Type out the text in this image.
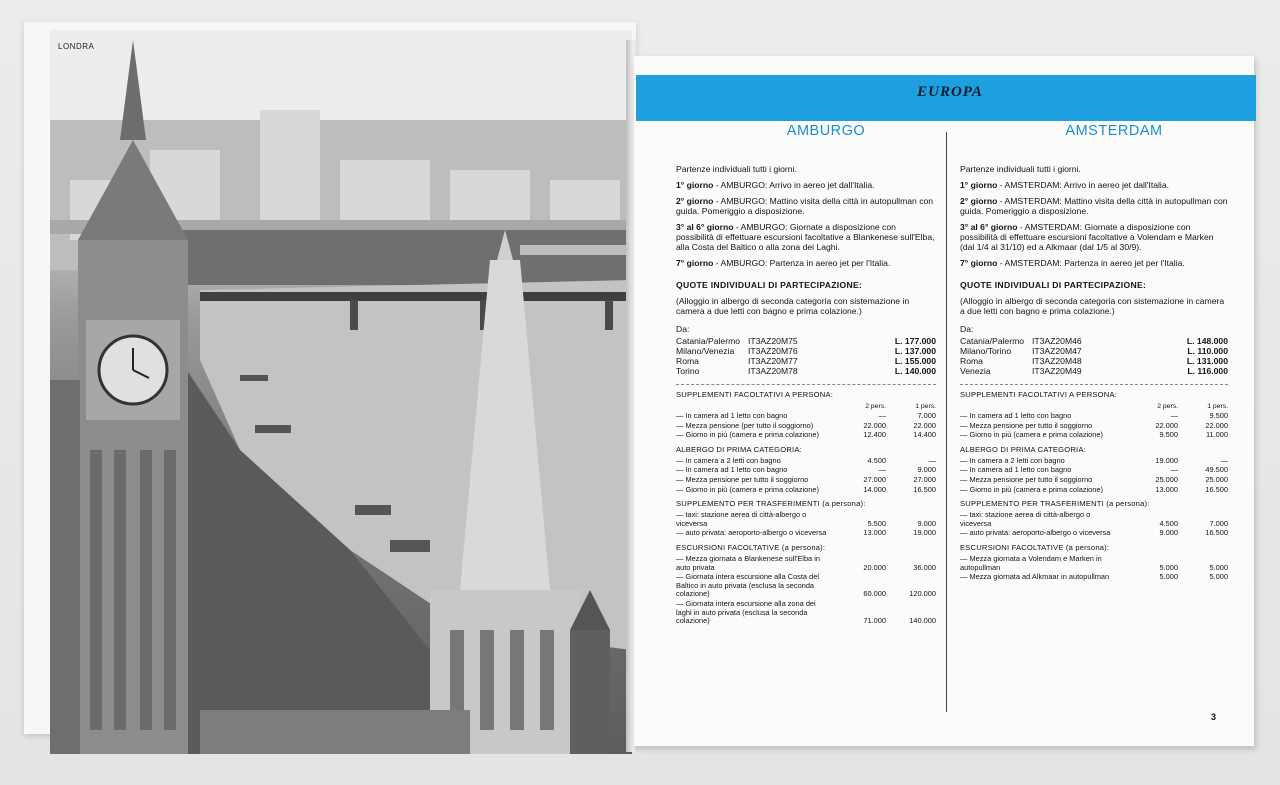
LONDRA
EUROPA
AMBURGO
Partenze individuali tutti i giorni.
1° giorno - AMBURGO: Arrivo in aereo jet dall'Italia.
2° giorno - AMBURGO: Mattino visita della città in autopullman con guida. Pomeriggio a disposizione.
3° al 6° giorno - AMBURGO: Giornate a disposizione con possibilità di effettuare escursioni facoltative a Blankenese sull'Elba, alla Costa del Baltico o alla zona dei Laghi.
7° giorno - AMBURGO: Partenza in aereo jet per l'Italia.
QUOTE INDIVIDUALI DI PARTECIPAZIONE:
(Alloggio in albergo di seconda categoria con sistemazione in camera a due letti con bagno e prima colazione.)
Da:
Catania/Palermo IT3AZ20M75	L. 177.000
Milano/Venezia	IT3AZ20M76	L. 137.000
Roma	IT3AZ20M77	L. 155.000
Torino	IT3AZ20M78	L. 140.000
SUPPLEMENTI FACOLTATIVI A PERSONA:
2 pers.	1 pers.
— In camera ad 1 letto con bagno	—	7.000
— Mezza pensione (per tutto il soggiorno)	22.000	22.000
— Giorno in più (camera e prima colazione)	12.400	14.400
ALBERGO DI PRIMA CATEGORIA:
— In camera a 2 letti con bagno	4.500	—
— In camera ad 1 letto con bagno	—	9.000
— Mezza pensione per tutto il soggiorno	27.000	27.000
— Giorno in più (camera e prima colazione)	14.000	16.500
SUPPLEMENTO PER TRASFERIMENTI (a persona):
— taxi: stazione aerea di città-albergo o viceversa	5.500	9.000
— auto privata: aeroporto-albergo o viceversa	13.000	19.000
ESCURSIONI FACOLTATIVE (a persona):
— Mezza giornata a Blankenese sull'Elba in auto privata	20.000	36.000
— Giornata intera escursione alla Costa del Baltico in auto privata (esclusa la seconda colazione)	60.000	120.000
— Giornata intera escursione alla zona dei laghi in auto privata (esclusa la seconda colazione)	71.000	140.000
AMSTERDAM
Partenze individuali tutti i giorni.
1° giorno - AMSTERDAM: Arrivo in aereo jet dall'Italia.
2° giorno - AMSTERDAM: Mattino visita della città in autopullman con guida. Pomeriggio a disposizione.
3° al 6° giorno - AMSTERDAM: Giornate a disposizione con possibilità di effettuare escursioni facoltative a Volendam e Marken (dal 1/4 al 31/10) ed a Alkmaar (dal 1/5 al 30/9).
7° giorno - AMSTERDAM: Partenza in aereo jet per l'Italia.
QUOTE INDIVIDUALI DI PARTECIPAZIONE:
(Alloggio in albergo di seconda categoria con sistemazione in camera a due letti con bagno e prima colazione.)
Da:
Catania/Palermo IT3AZ20M46	L. 148.000
Milano/Torino	IT3AZ20M47	L. 110.000
Roma	IT3AZ20M48	L. 131.000
Venezia	IT3AZ20M49	L. 116.000
SUPPLEMENTI FACOLTATIVI A PERSONA:
2 pers.	1 pers.
— In camera ad 1 letto con bagno	—	9.500
— Mezza pensione per tutto il soggiorno	22.000	22.000
— Giorno in più (camera e prima colazione)	9.500	11.000
ALBERGO DI PRIMA CATEGORIA:
— In camera a 2 letti con bagno	19.000	—
— In camera ad 1 letto con bagno	—	49.500
— Mezza pensione per tutto il soggiorno	25.000	25.000
— Giorno in più (camera e prima colazione)	13.000	16.500
SUPPLEMENTO PER TRASFERIMENTI (a persona):
— taxi: stazione aerea di città-albergo o viceversa	4.500	7.000
— auto privata: aeroporto-albergo o viceversa	9.000	16.500
ESCURSIONI FACOLTATIVE (a persona):
— Mezza giornata a Volendam e Marken in autopullman	5.000	5.000
— Mezza giornata ad Alkmaar in autopullman	5.000	5.000
3
